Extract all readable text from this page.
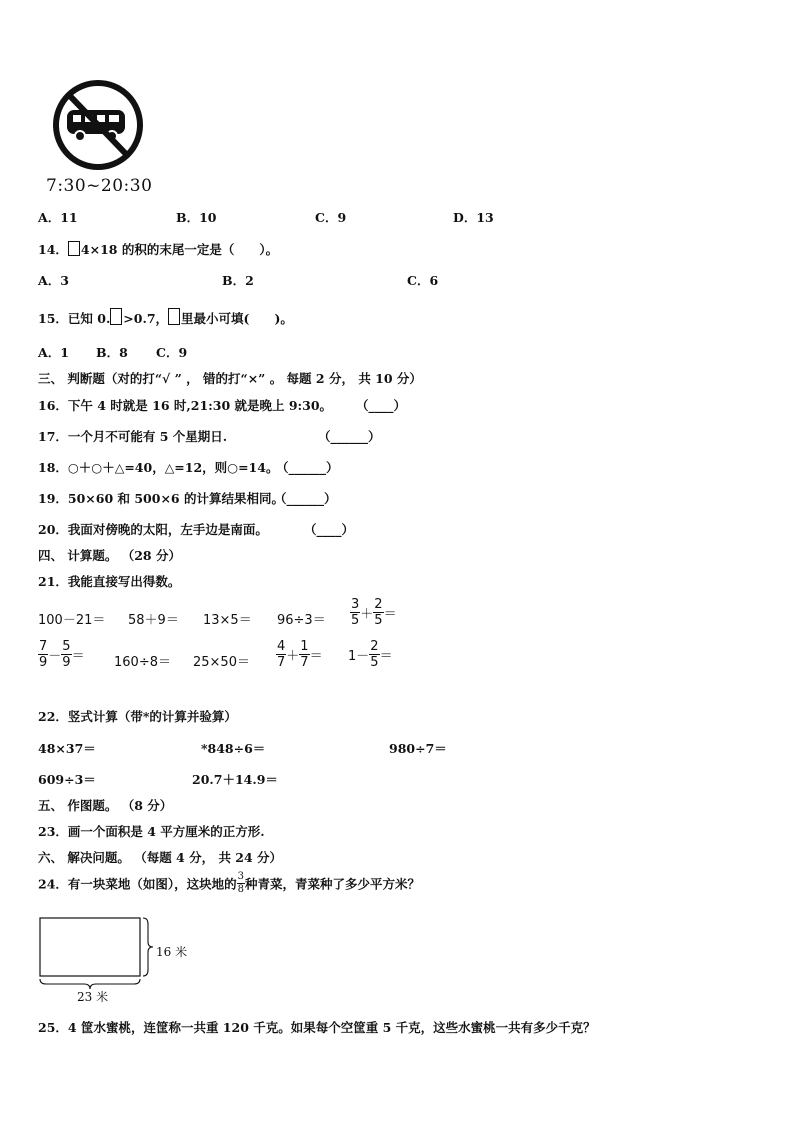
7:30~20:30
A．11	B．10	C．9	D．13
14． 4×18 的积的末尾一定是（　　）。
A．3	B．2	C．6
15．已知 0. >0.7， 里最小可填(　　)。
A．1 B．8 C．9
三、 判断题（对的打“√ ” ， 错的打“×” 。 每题 2 分， 共 10 分）
16．下午 4 时就是 16 时,21:30 就是晚上 9:30。 （____）
17．一个月不可能有 5 个星期日.	（______）
18．○＋○＋△=40，△=12，则○=14。
（______）
19．50×60 和 500×6 的计算结果相同。
（______）
20．我面对傍晚的太阳，左手边是南面。	（____）
四、 计算题。 （28 分）
21．我能直接写出得数。
$100-21= 58+9= 13\times 5= 96\div 3= \frac{3}{5} + \frac{2}{5}$ ＝
$\frac{7}{9} - \frac{5}{9} = 160\div 8= 25\times 50= \frac{4}{7} + \frac{1}{7} = 1- \frac{2}{5}$ ＝
22．竖式计算（带*的计算并验算）
48×37＝	*848÷6＝	980÷7＝
609÷3＝	20.7＋14.9＝
五、 作图题。 （8 分）
23．画一个面积是 4 平方厘米的正方形.
六、 解决问题。 （每题 4 分， 共 24 分）
24．有一块菜地（如图），这块地的 $\frac{3}{8}$ 种青菜，青菜种了多少平方米？
16 米
23 米
25．4 筐水蜜桃，连筐称一共重 120 千克。如果每个空筐重 5 千克，这些水蜜桃一共有多少千克？
